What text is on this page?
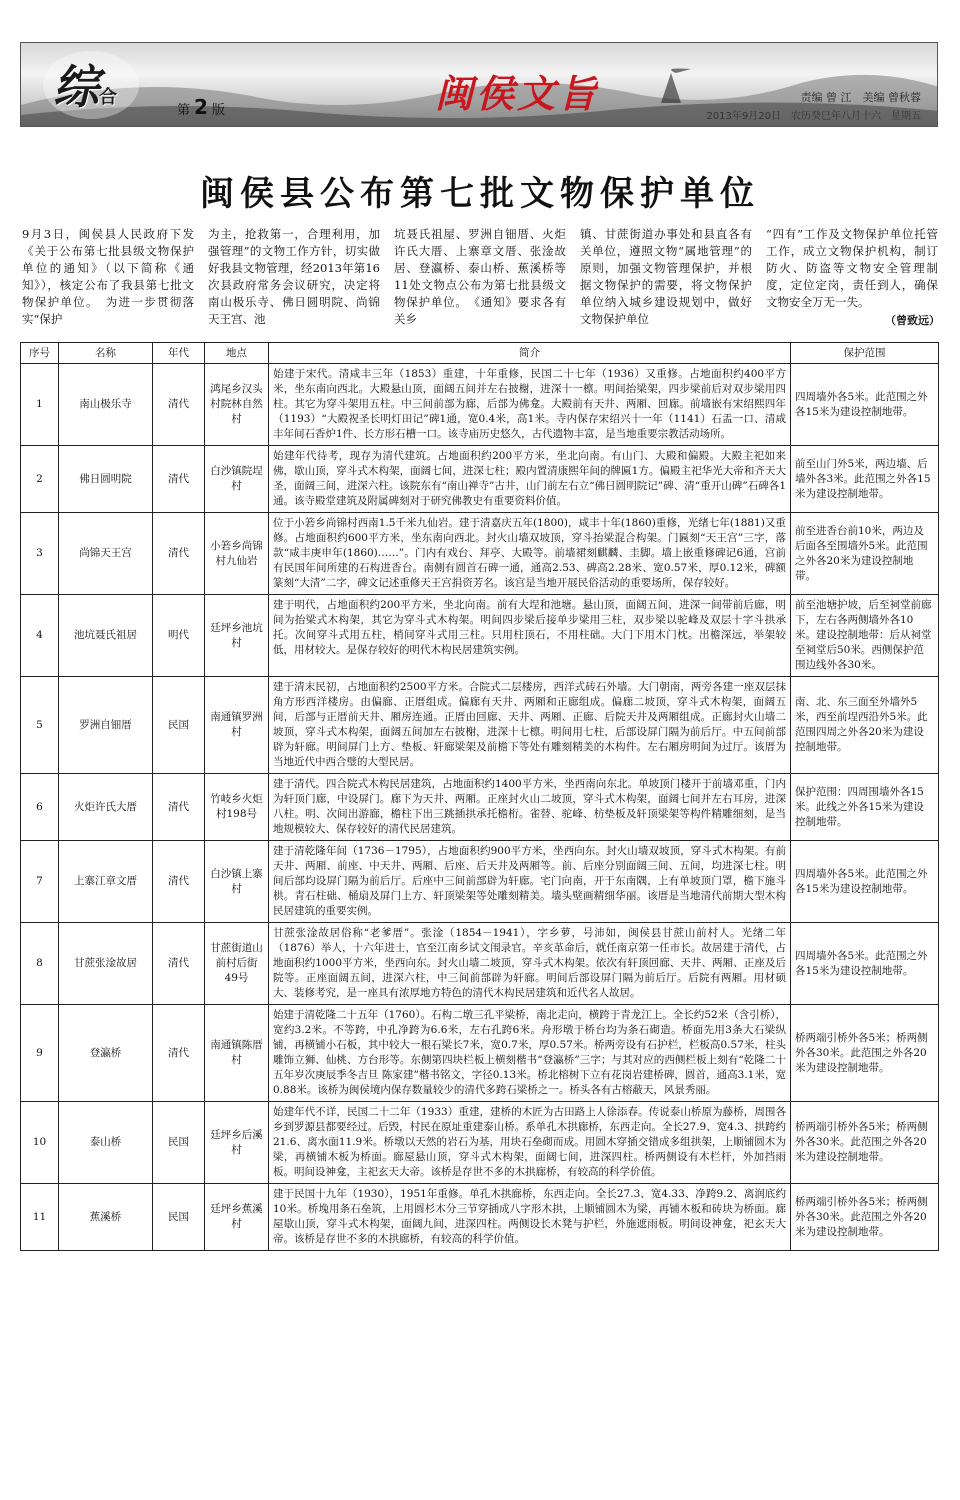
综合
第 2 版	闽侯文旨	责编 曾 江　美编 曾秋蓉
2013年9月20日　农历癸巳年八月十六　星期五
闽侯县公布第七批文物保护单位
9月3日，闽侯县人民政府下发《关于公布第七批县级文物保护单位的通知》（以下简称《通知》），核定公布了我县第七批文物保护单位。　为进一步贯彻落实“保护
为主，抢救第一，合理利用，加强管理”的文物工作方针，切实做好我县文物管理，经2013年第16次县政府常务会议研究，决定将南山极乐寺、佛日圆明院、尚锦天王宫、池
坑聂氏祖屋、罗洲自钿厝、火炬许氏大厝、上寨章文厝、张淦故居、登瀛桥、泰山桥、蕉溪桥等11处文物点公布为第七批县级文物保护单位。　《通知》要求各有关乡
镇、甘蔗街道办事处和县直各有关单位，遵照文物“属地管理”的原则，加强文物管理保护，并根据文物保护的需要，将文物保护单位纳入城乡建设规划中，做好文物保护单位
“四有”工作及文物保护单位托管工作，成立文物保护机构，制订防火、防盗等文物安全管理制度，定位定岗，责任到人，确保文物安全万无一失。
（曾致远）
序号	名称	年代	地点	简介	保护范围
1	南山极乐寺	清代	鸿尾乡汉头村院林自然村	始建于宋代。清咸丰三年（1853）重建，十年重修，民国二十七年（1936）又重修。占地面积约400平方米，坐东南向西北。大殿悬山顶，面阔五间并左右披榭，进深十一檩。明间抬梁架，四步梁前后对双步梁用四柱。其它为穿斗架用五柱。中三间前部为廊，后部为佛龛。大殿前有天井、两厢、回廊。前墙嵌有宋绍熙四年（1193）“大殿祝圣长明灯田记”碑1通，宽0.4米，高1米。寺内保存宋绍兴十一年（1141）石盂一口、清咸丰年间石香炉1件、长方形石槽一口。该寺庙历史悠久，古代遗物丰富，是当地重要宗教活动场所。	四周墙外各5米。此范围之外各15米为建设控制地带。
2	佛日圆明院	清代	白沙镇院埕村	始建年代待考，现存为清代建筑。占地面积约200平方米，坐北向南。有山门、大殿和偏殿。大殿主祀如来佛，歇山顶，穿斗式木构架，面阔七间，进深七柱；殿内置清康熙年间的牌匾1方。偏殿主祀华光大帝和齐天大圣，面阔三间，进深六柱。该院东有“南山禅寺”古井，山门前左右立“佛日圆明院记”碑、清“重开山碑”石碑各1通。该寺殿堂建筑及附属碑刻对于研究佛教史有重要资料价值。	前至山门外5米，两边墙、后墙外各3米。此范围之外各15米为建设控制地带。
3	尚锦天王宫	清代	小箬乡尚锦村九仙岩	位于小箬乡尚锦村西南1.5千米九仙岩。建于清嘉庆五年(1800)，咸丰十年(1860)重修，光绪七年(1881)又重修。占地面积约600平方米，坐东南向西北。封火山墙双坡顶，穿斗抬梁混合构架。门匾刻“天王宫”三字，落款“咸丰庚申年(1860)……”。门内有戏台、拜亭、大殿等。前墙裙刻麒麟、圭脚。墙上嵌重修碑记6通，宫前有民国年间所建的石构进香台。南侧有圆首石碑一通，通高2.53、碑高2.28米、宽0.57米，厚0.12米，碑额篆刻“大清”二字，碑文记述重修天王宫捐资芳名。该宫是当地开展民俗活动的重要场所，保存较好。	前至进香台前10米，两边及后面各至围墙外5米。此范围之外各20米为建设控制地带。
4	池坑聂氏祖居	明代	廷坪乡池坑村	建于明代，占地面积约200平方米，坐北向南。前有大埕和池塘。悬山顶，面阔五间，进深一间带前后廊，明间为抬梁式木构架，其它为穿斗式木构架。明间四步梁后接单步梁用三柱，双步梁以驼峰及双层十字斗拱承托。次间穿斗式用五柱，梢间穿斗式用三柱。只用柱顶石，不用柱础。大门下用木门枕。出檐深远，举架较低，用材较大。是保存较好的明代木构民居建筑实例。	前至池塘护坡，后至祠堂前廊下，左右各两侧墙外各10米。建设控制地带：后从祠堂至祠堂后50米。西侧保护范围边线外各30米。
5	罗洲自钿厝	民国	南通镇罗洲村	建于清末民初，占地面积约2500平方米。合院式二层楼房，西洋式砖石外墙。大门朝南，两旁各建一座双层抹角方形西洋楼房。由偏廊、正厝组成。偏廊有天井、两厢和正廊组成。偏廊二坡顶，穿斗式木构架，面阔五间，后部与正厝前天井、厢房连通。正厝由回廊、天井、两厢、正廊、后院天井及两厢组成。正廊封火山墙二坡顶，穿斗式木构架，面阔五间加左右披榭，进深十七檩。明间用七柱，后部设屏门隔为前后厅。中五间前部辟为轩廊。明间屏门上方、垫板、轩廊梁架及前檐下等处有雕刻精美的木构件。左右厢房明间为过厅。该厝为当地近代中西合璧的大型民居。	南、北、东三面至外墙外5米，西至前埕西沿外5米。此范围四周之外各20米为建设控制地带。
6	火炬许氏大厝	清代	竹岐乡火炬村198号	建于清代。四合院式木构民居建筑，占地面积约1400平方米，坐西南向东北。单坡顶门楼开于前墙邓重，门内为轩顶门廊，中设屏门。廊下为天井、两厢。正座封火山二坡顶，穿斗式木构架，面阔七间并左右耳房，进深八柱。明、次间出游廊，檐柱下出三跳插拱承托檐桁。雀替、驼峰、枋垫板及轩顶梁架等构件精雕细刻，是当地规模较大、保存较好的清代民居建筑。	保护范围：四周围墙外各15米。此线之外各15米为建设控制地带。
7	上寨江章文厝	清代	白沙镇上寨村	建于清乾隆年间（1736－1795），占地面积约900平方米，坐西向东。封火山墙双坡顶，穿斗式木构架。有前天井、两厢、前座、中天井、两厢、后座、后天井及两厢等。前、后座分别面阔三间、五间，均进深七柱。明间后部均设屏门隔为前后厅。后座中三间前部辟为轩廊。宅门向南，开于东南隅，上有单坡顶门罩，檐下施斗栱。青石柱础、桶扇及屏门上方、轩顶梁架等处雕刻精美。墙头壁画精细华丽。该厝是当地清代前期大型木构民居建筑的重要实例。	四周墙外各5米。此范围之外各15米为建设控制地带。
8	甘蔗张淦故居	清代	甘蔗街道山前村后街49号	甘蔗张淦故居俗称“老爹厝”。张淦（1854－1941），字乡萝，号沛如，闽侯县甘蔗山前村人。光绪二年（1876）举人，十六年进士，官至江南乡试文闱录官。辛亥革命后，就任南京第一任市长。故居建于清代，占地面积约1000平方米，坐西向东。封火山墙二坡顶，穿斗式木构架。依次有轩顶回廊、天井、两厢、正座及后院等。正座面阔五间，进深六柱，中三间前部辟为轩廊。明间后部设屏门隔为前后厅。后院有两厢。用材硕大、装修考究，是一座具有浓厚地方特色的清代木构民居建筑和近代名人故居。	四周墙外各5米。此范围之外各15米为建设控制地带。
9	登瀛桥	清代	南通镇陈厝村	始建于清乾隆二十五年（1760）。石构二墩三孔平梁桥，南北走向，横跨于青龙江上。全长约52米（含引桥），宽约3.2米。不等跨，中孔净跨为6.6米，左右孔跨6米。舟形墩于桥台均为条石砌造。桥面先用3条大石梁纵铺，再横铺小石板，其中较大一根石梁长7米，宽0.7米，厚0.57米。桥两旁设有石护栏，栏板高0.57米，柱头雕饰立狮、仙桃、方台形等。东侧第四块栏板上横刻楷书“登瀛桥”三字；与其对应的西侧栏板上刻有“乾隆二十五年岁次庚辰季冬吉旦 陈家建”楷书铭文，字径0.13米。桥北榕树下立有花岗岩建桥碑，圆首，通高3.1米，宽0.88米。该桥为闽侯境内保存数量较少的清代多跨石梁桥之一。桥头各有古榕蔽天，风景秀丽。	桥两端引桥外各5米；桥两侧外各30米。此范围之外各20米为建设控制地带。
10	泰山桥	民国	廷坪乡后溪村	始建年代不详，民国二十二年（1933）重建，建桥的木匠为古田路上人徐添春。传说泰山桥原为藤桥，周围各乡到罗源县都要经过。后毁，村民在原址重建泰山桥。系单孔木拱廊桥，东西走向。全长27.9、宽4.3、拱跨约21.6、离水面11.9米。桥墩以天然的岩石为基，用块石垒砌而成。用圆木穿插交错成多组拱架，上顺铺圆木为梁，再横铺木板为桥面。廊屋悬山顶，穿斗式木构架，面阔七间，进深四柱。桥两侧设有木栏杆，外加挡雨板。明间设神龛，主祀玄天大帝。该桥是存世不多的木拱廊桥，有较高的科学价值。	桥两端引桥外各5米；桥两侧外各30米。此范围之外各20米为建设控制地带。
11	蕉溪桥	民国	廷坪乡蕉溪村	建于民国十九年（1930），1951年重修。单孔木拱廊桥，东西走向。全长27.3、宽4.33、净跨9.2、离润底约10米。桥堍用条石垒筑，上用圆杉木分三节穿插成八字形木拱，上顺铺圆木为梁，再铺木板和砖块为桥面。廊屋歇山顶，穿斗式木构架，面阔九间，进深四柱。两侧设长木凳与护栏，外施遮雨板。明间设神龛，祀玄天大帝。该桥是存世不多的木拱廊桥，有较高的科学价值。	桥两端引桥外各5米；桥两侧外各30米。此范围之外各20米为建设控制地带。
